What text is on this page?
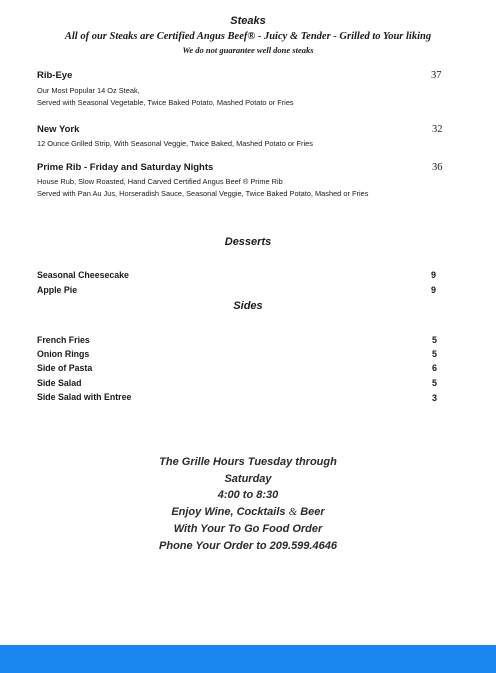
Steaks
All of our Steaks are Certified Angus Beef® - Juicy & Tender - Grilled to Your liking
We do not guarantee well done steaks
Rib-Eye	37
Our Most Popular 14 Oz Steak,
Served with Seasonal Vegetable, Twice Baked Potato, Mashed Potato or Fries
New York	32
12 Ounce Grilled Strip, With Seasonal Veggie, Twice Baked, Mashed Potato or Fries
Prime Rib - Friday and Saturday Nights	36
House Rub, Slow Roasted, Hand Carved Certified Angus Beef ® Prime Rib
Served with Pan Au Jus, Horseradish Sauce, Seasonal Veggie, Twice Baked Potato, Mashed or Fries
Desserts
Seasonal Cheesecake	9
Apple Pie	9
Sides
French Fries	5
Onion Rings	5
Side of Pasta	6
Side Salad	5
Side Salad with Entree	3
The Grille Hours Tuesday through
Saturday
4:00 to 8:30
Enjoy Wine, Cocktails & Beer
With Your To Go Food Order
Phone Your Order to 209.599.4646
